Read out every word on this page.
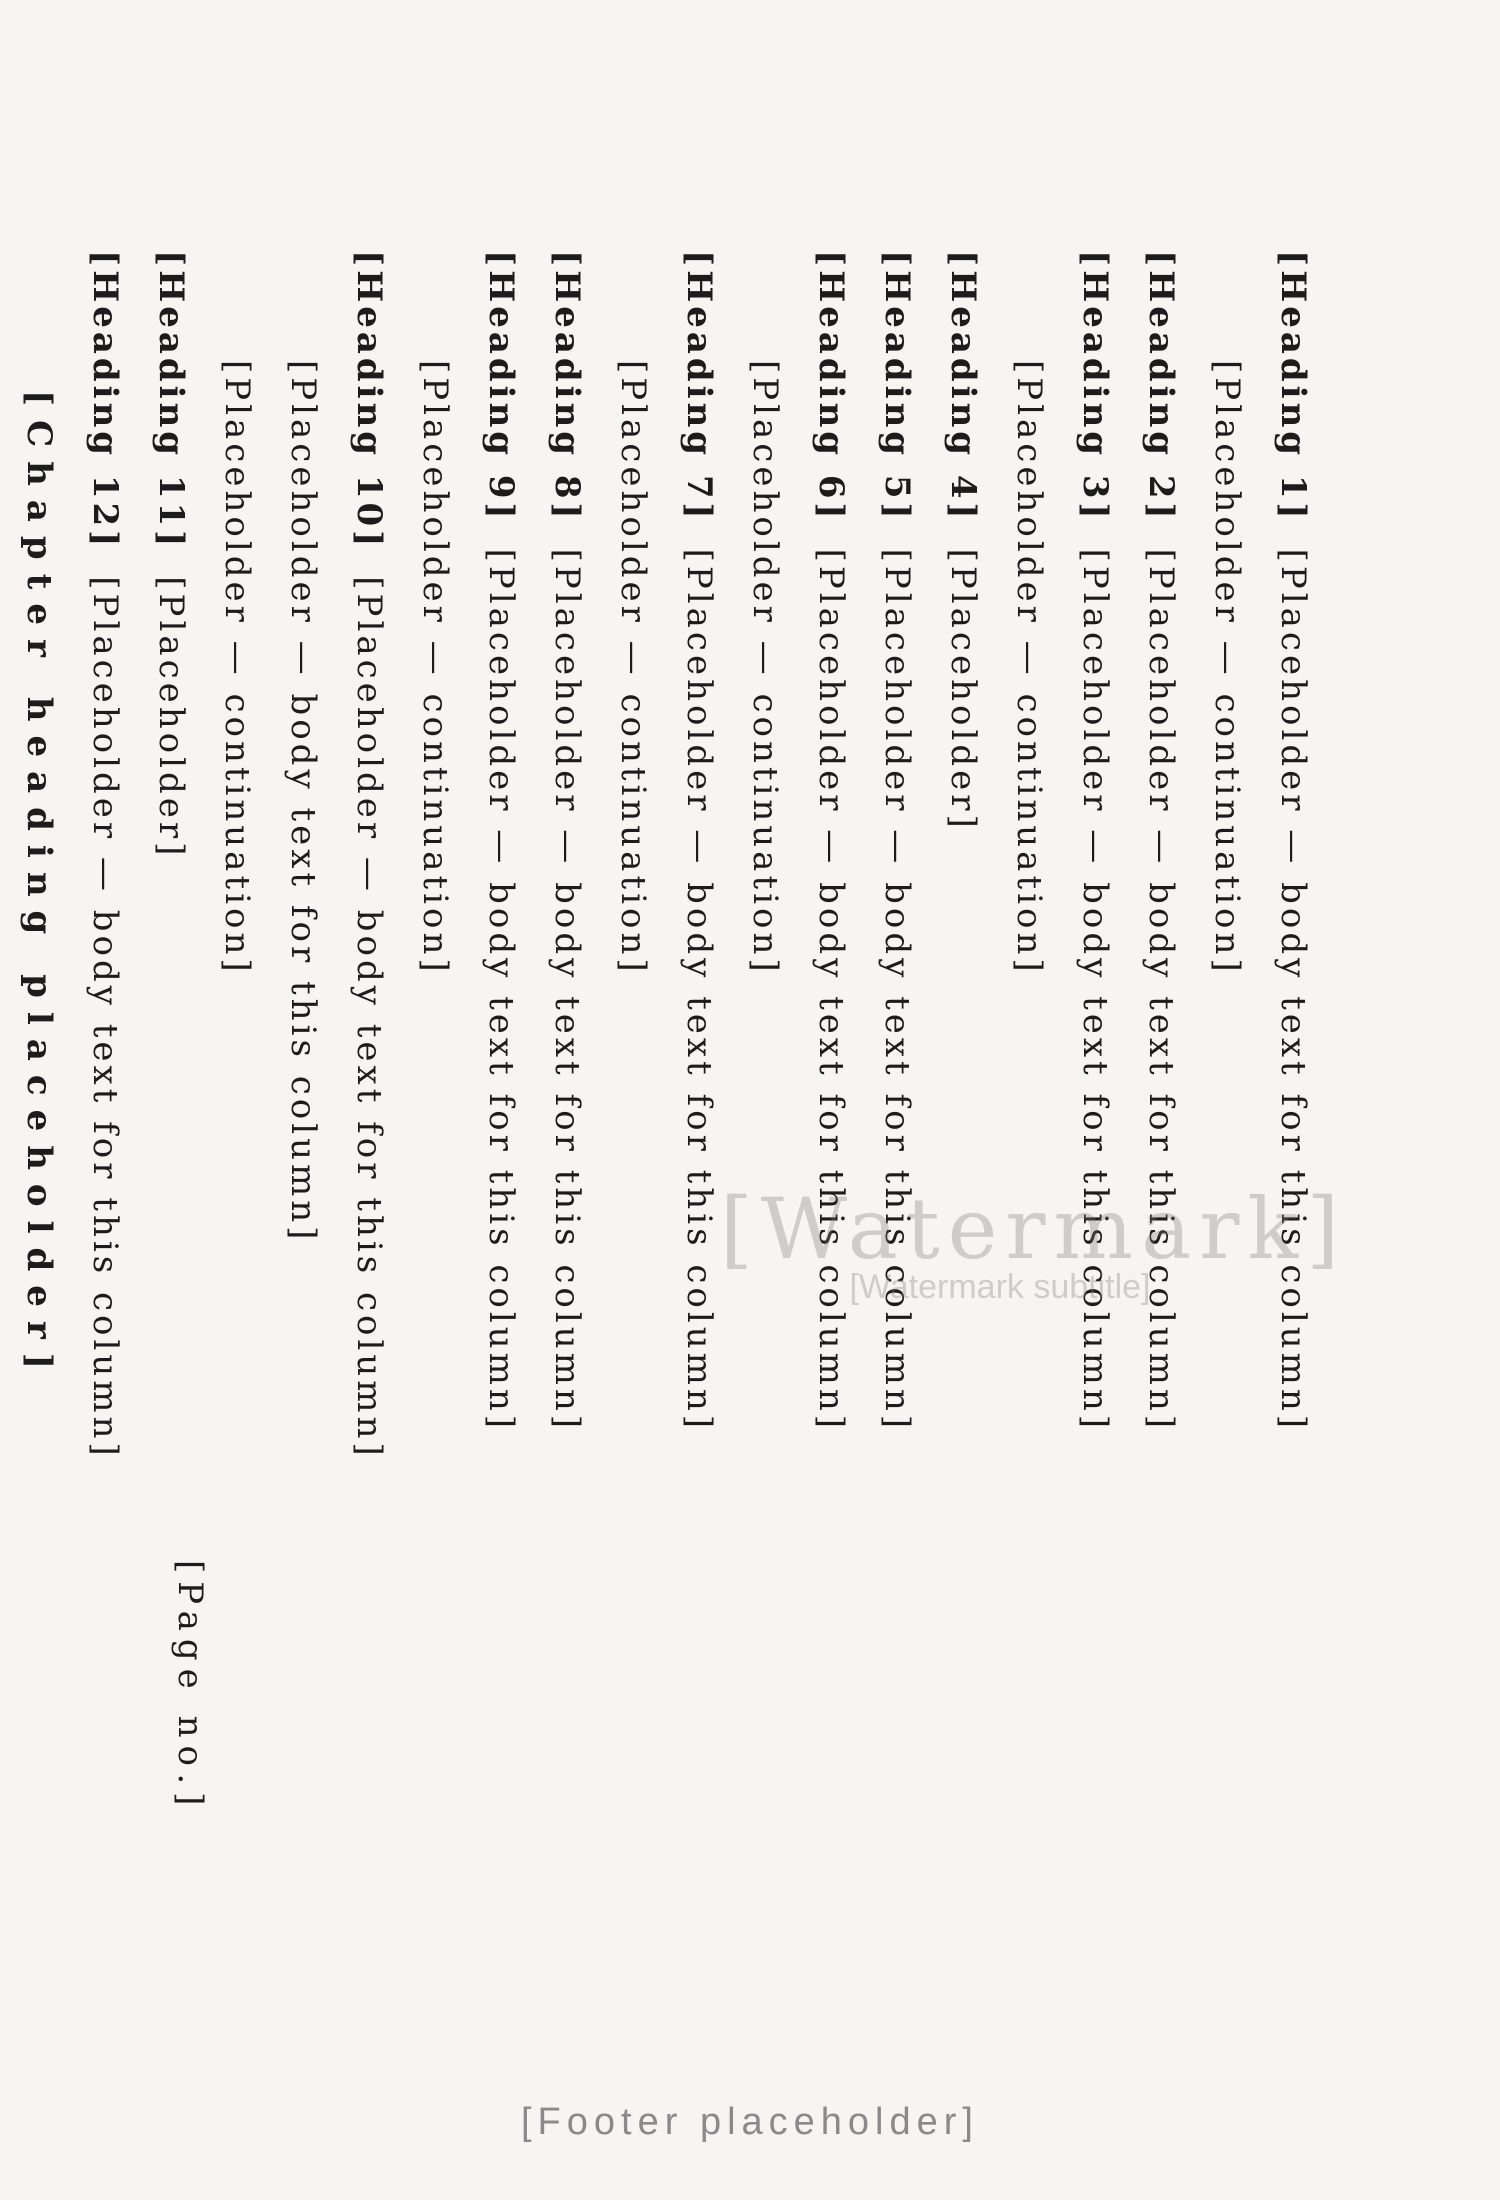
[Heading 1][Placeholder — body text for this column]
[Placeholder — continuation]
[Heading 2][Placeholder — body text for this column]
[Heading 3][Placeholder — body text for this column]
[Placeholder — continuation]
[Heading 4][Placeholder]
[Heading 5][Placeholder — body text for this column]
[Heading 6][Placeholder — body text for this column]
[Placeholder — continuation]
[Heading 7][Placeholder — body text for this column]
[Placeholder — continuation]
[Heading 8][Placeholder — body text for this column]
[Heading 9][Placeholder — body text for this column]
[Placeholder — continuation]
[Heading 10][Placeholder — body text for this column]
[Placeholder — body text for this column]
[Placeholder — continuation]
[Heading 11][Placeholder]
[Heading 12][Placeholder — body text for this column]
[Chapter heading placeholder]
[Page no.]
[Watermark]
[Watermark subtitle]
[Footer placeholder]
